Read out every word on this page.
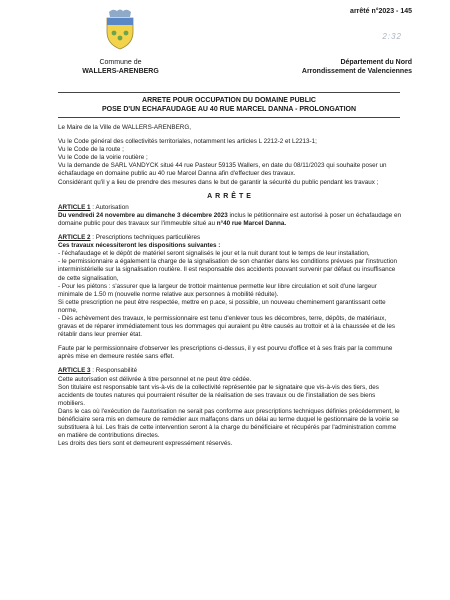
Commune de
WALLERS-ARENBERG
arrêté n°2023 - 145
2:32
Département du Nord
Arrondissement de Valenciennes
ARRETE POUR OCCUPATION DU DOMAINE PUBLIC
POSE D'UN ECHAFAUDAGE AU 40 RUE MARCEL DANNA - PROLONGATION

Le Maire de la Ville de WALLERS-ARENBERG,

Vu le Code général des collectivités territoriales, notamment les articles L 2212-2 et L2213-1;

Vu le Code de la route ;

Vu le Code de la voirie routière ;

Vu la demande de SARL VANDYCK situé 44 rue Pasteur 59135 Wallers, en date du 08/11/2023 qui souhaite poser un échafaudage en domaine public au 40 rue Marcel Danna afin d'effectuer des travaux.

Considérant qu'il y a lieu de prendre des mesures dans le but de garantir la sécurité du public pendant les travaux ;

ARRÊTE

ARTICLE 1 : Autorisation

Du vendredi 24 novembre au dimanche 3 décembre 2023 inclus le pétitionnaire est autorisé à poser un échafaudage en domaine public pour des travaux sur l'immeuble situé au n°40 rue Marcel Danna.

ARTICLE 2 : Prescriptions techniques particulières

Ces travaux nécessiteront les dispositions suivantes :

- l'échafaudage et le dépôt de matériel seront signalisés le jour et la nuit durant tout le temps de leur installation,

- le permissionnaire a également la charge de la signalisation de son chantier dans les conditions prévues par l'instruction interministérielle sur la signalisation routière. Il est responsable des accidents pouvant survenir par défaut ou insuffisance de cette signalisation,

- Pour les piétons : s'assurer que la largeur de trottoir maintenue permette leur libre circulation et soit d'une largeur minimale de 1.50 m (nouvelle norme relative aux personnes à mobilité réduite).

Si cette prescription ne peut être respectée, mettre en p.ace, si possible, un nouveau cheminement garantissant cette norme,

- Dès achèvement des travaux, le permissionnaire est tenu d'enlever tous les décombres, terre, dépôts, de matériaux, gravas et de réparer immédiatement tous les dommages qui auraient pu être causés au trottoir et à la chaussée et de les rétablir dans leur premier état.

Faute par le permissionnaire d'observer les prescriptions ci-dessus, il y est pourvu d'office et à ses frais par la commune après mise en demeure restée sans effet.

ARTICLE 3 : Responsabilité

Cette autorisation est délivrée à titre personnel et ne peut être cédée.

Son titulaire est responsable tant vis-à-vis de la collectivité représentée par le signataire que vis-à-vis des tiers, des accidents de toutes natures qui pourraient résulter de la réalisation de ses travaux ou de l'installation de ses biens mobiliers.

Dans le cas où l'exécution de l'autorisation ne serait pas conforme aux prescriptions techniques définies précédemment, le bénéficiaire sera mis en demeure de remédier aux malfaçons dans un délai au terme duquel le gestionnaire de la voirie se substituera à lui. Les frais de cette intervention seront à la charge du bénéficiaire et récupérés par l'administration comme en matière de contributions directes.

Les droits des tiers sont et demeurent expressément réservés.
